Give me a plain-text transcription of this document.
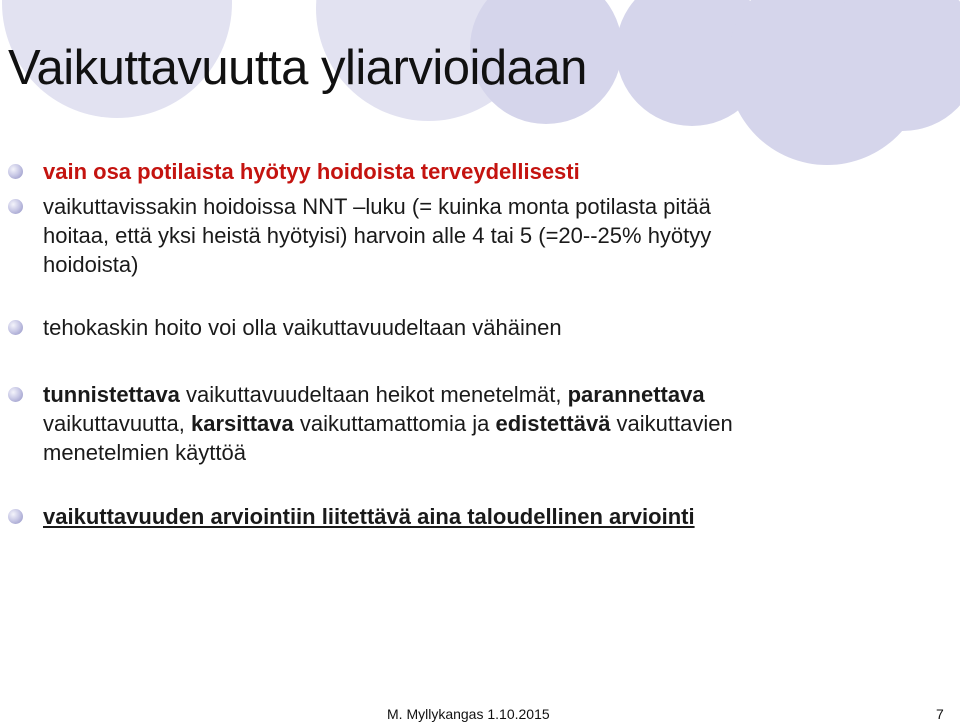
Vaikuttavuutta yliarvioidaan
vain osa potilaista hyötyy hoidoista terveydellisesti
vaikuttavissakin hoidoissa NNT –luku (= kuinka monta potilasta pitää
hoitaa, että yksi heistä hyötyisi) harvoin alle 4 tai 5 (=20--25% hyötyy
hoidoista)
tehokaskin hoito voi olla vaikuttavuudeltaan vähäinen
tunnistettava vaikuttavuudeltaan heikot menetelmät, parannettava
vaikuttavuutta, karsittava vaikuttamattomia ja edistettävä vaikuttavien
menetelmien käyttöä
vaikuttavuuden arviointiin liitettävä aina taloudellinen arviointi
M. Myllykangas 1.10.2015	7
